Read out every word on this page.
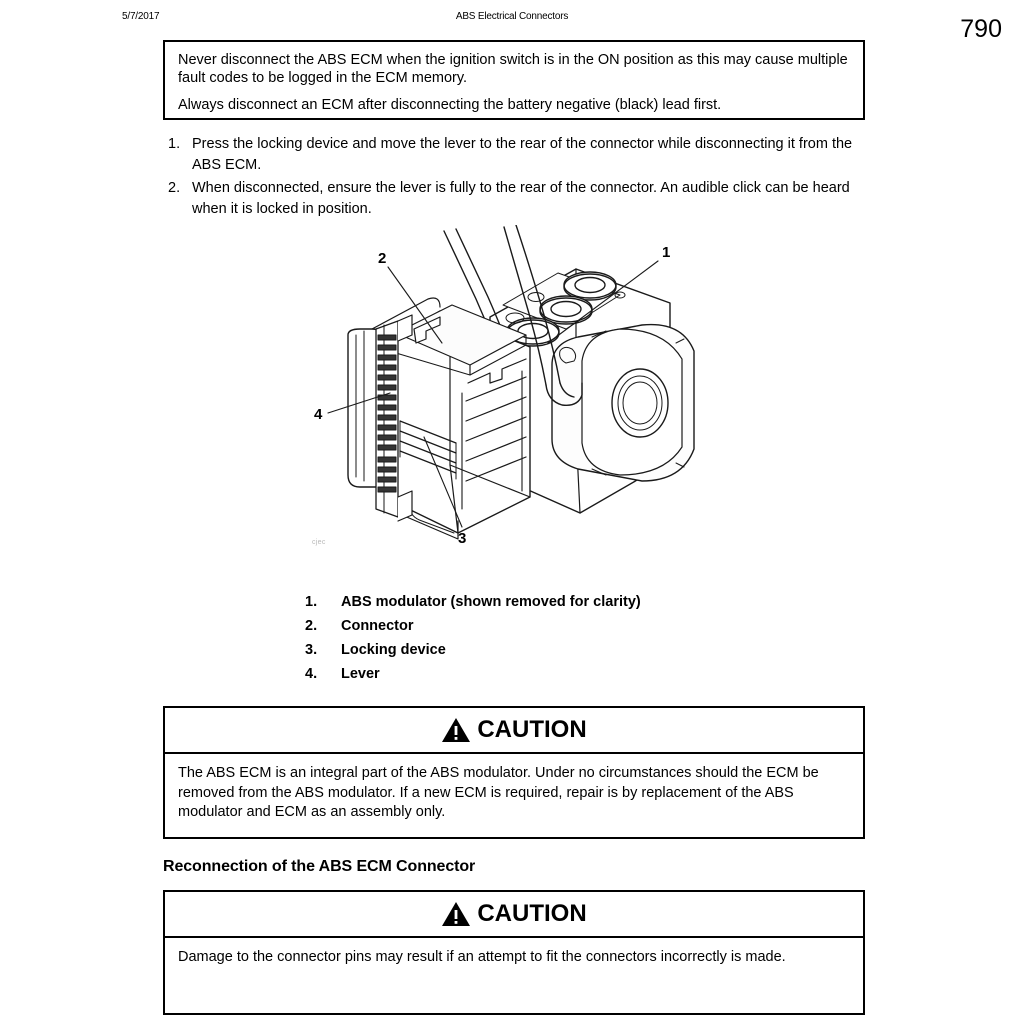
5/7/2017	ABS Electrical Connectors	790

Never disconnect the ABS ECM when the ignition switch is in the ON position as this may cause multiple fault codes to be logged in the ECM memory.

Always disconnect an ECM after disconnecting the battery negative (black) lead first.

1. Press the locking device and move the lever to the rear of the connector while disconnecting it from the ABS ECM.
2. When disconnected, ensure the lever is fully to the rear of the connector. An audible click can be heard when it is locked in position.
1
2
3
4
cjec
1.	ABS modulator (shown removed for clarity)
2.	Connector
3.	Locking device
4.	Lever
CAUTION
The ABS ECM is an integral part of the ABS modulator. Under no circumstances should the ECM be removed from the ABS modulator. If a new ECM is required, repair is by replacement of the ABS modulator and ECM as an assembly only.
Reconnection of the ABS ECM Connector
CAUTION
Damage to the connector pins may result if an attempt to fit the connectors incorrectly is made.
